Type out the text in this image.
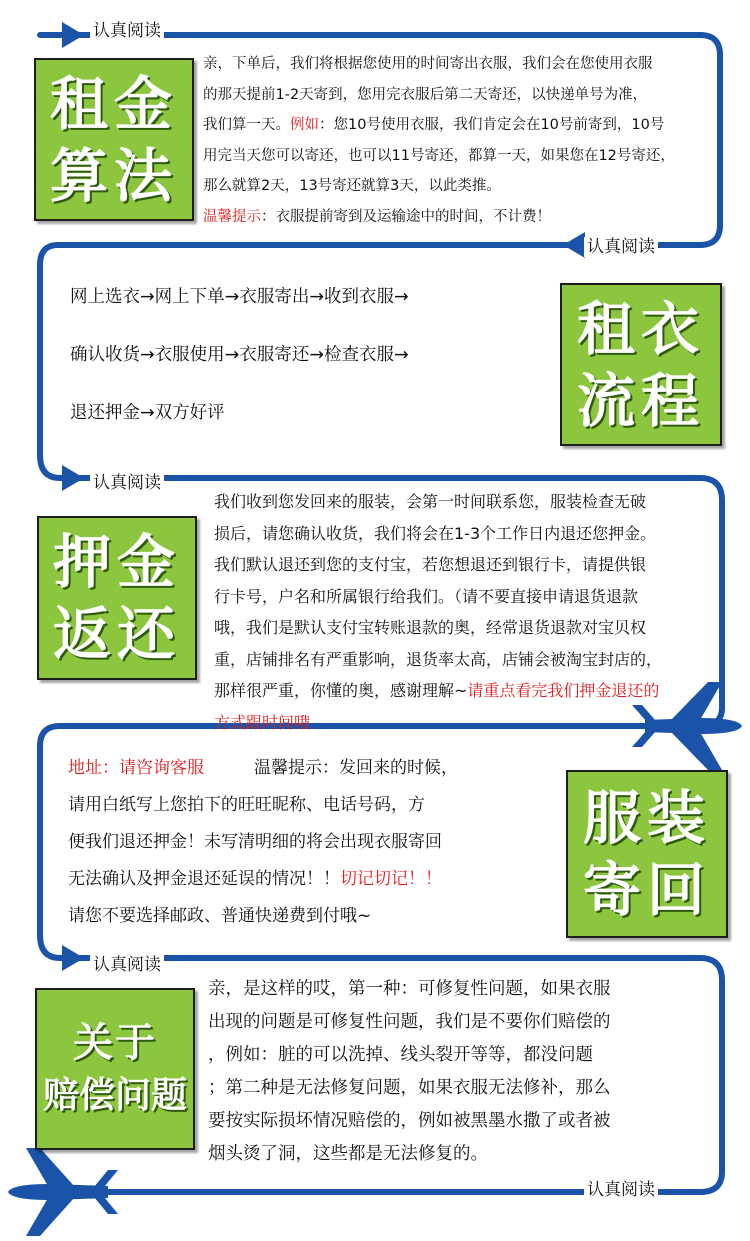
认真阅读
认真阅读
认真阅读
认真阅读
认真阅读
租金
算法
亲，下单后，我们将根据您使用的时间寄出衣服，我们会在您使用衣服
的那天提前1-2天寄到，您用完衣服后第二天寄还，以快递单号为准，
我们算一天。例如：您10号使用衣服，我们肯定会在10号前寄到，10号
用完当天您可以寄还，也可以11号寄还，都算一天，如果您在12号寄还，
那么就算2天，13号寄还就算3天，以此类推。
温馨提示：衣服提前寄到及运输途中的时间，不计费！
网上选衣→网上下单→衣服寄出→收到衣服→
确认收货→衣服使用→衣服寄还→检查衣服→
退还押金→双方好评
租衣
流程
押金
返还
我们收到您发回来的服装，会第一时间联系您，服装检查无破
损后，请您确认收货，我们将会在1-3个工作日内退还您押金。
我们默认退还到您的支付宝，若您想退还到银行卡，请提供银
行卡号，户名和所属银行给我们。（请不要直接申请退货退款
哦，我们是默认支付宝转账退款的奥，经常退货退款对宝贝权
重，店铺排名有严重影响，退货率太高，店铺会被淘宝封店的，
那样很严重，你懂的奥，感谢理解~请重点看完我们押金退还的
方式跟时间哦
地址：请咨询客服	温馨提示：发回来的时候，
请用白纸写上您拍下的旺旺昵称、电话号码，方
便我们退还押金！未写清明细的将会出现衣服寄回
无法确认及押金退还延误的情况！！切记切记！！
请您不要选择邮政、普通快递费到付哦~
服装
寄回
关于
赔偿问题
亲，是这样的哎，第一种：可修复性问题，如果衣服
出现的问题是可修复性问题，我们是不要你们赔偿的
，例如：脏的可以洗掉、线头裂开等等，都没问题
；第二种是无法修复问题，如果衣服无法修补，那么
要按实际损坏情况赔偿的，例如被黑墨水撒了或者被
烟头烫了洞，这些都是无法修复的。
